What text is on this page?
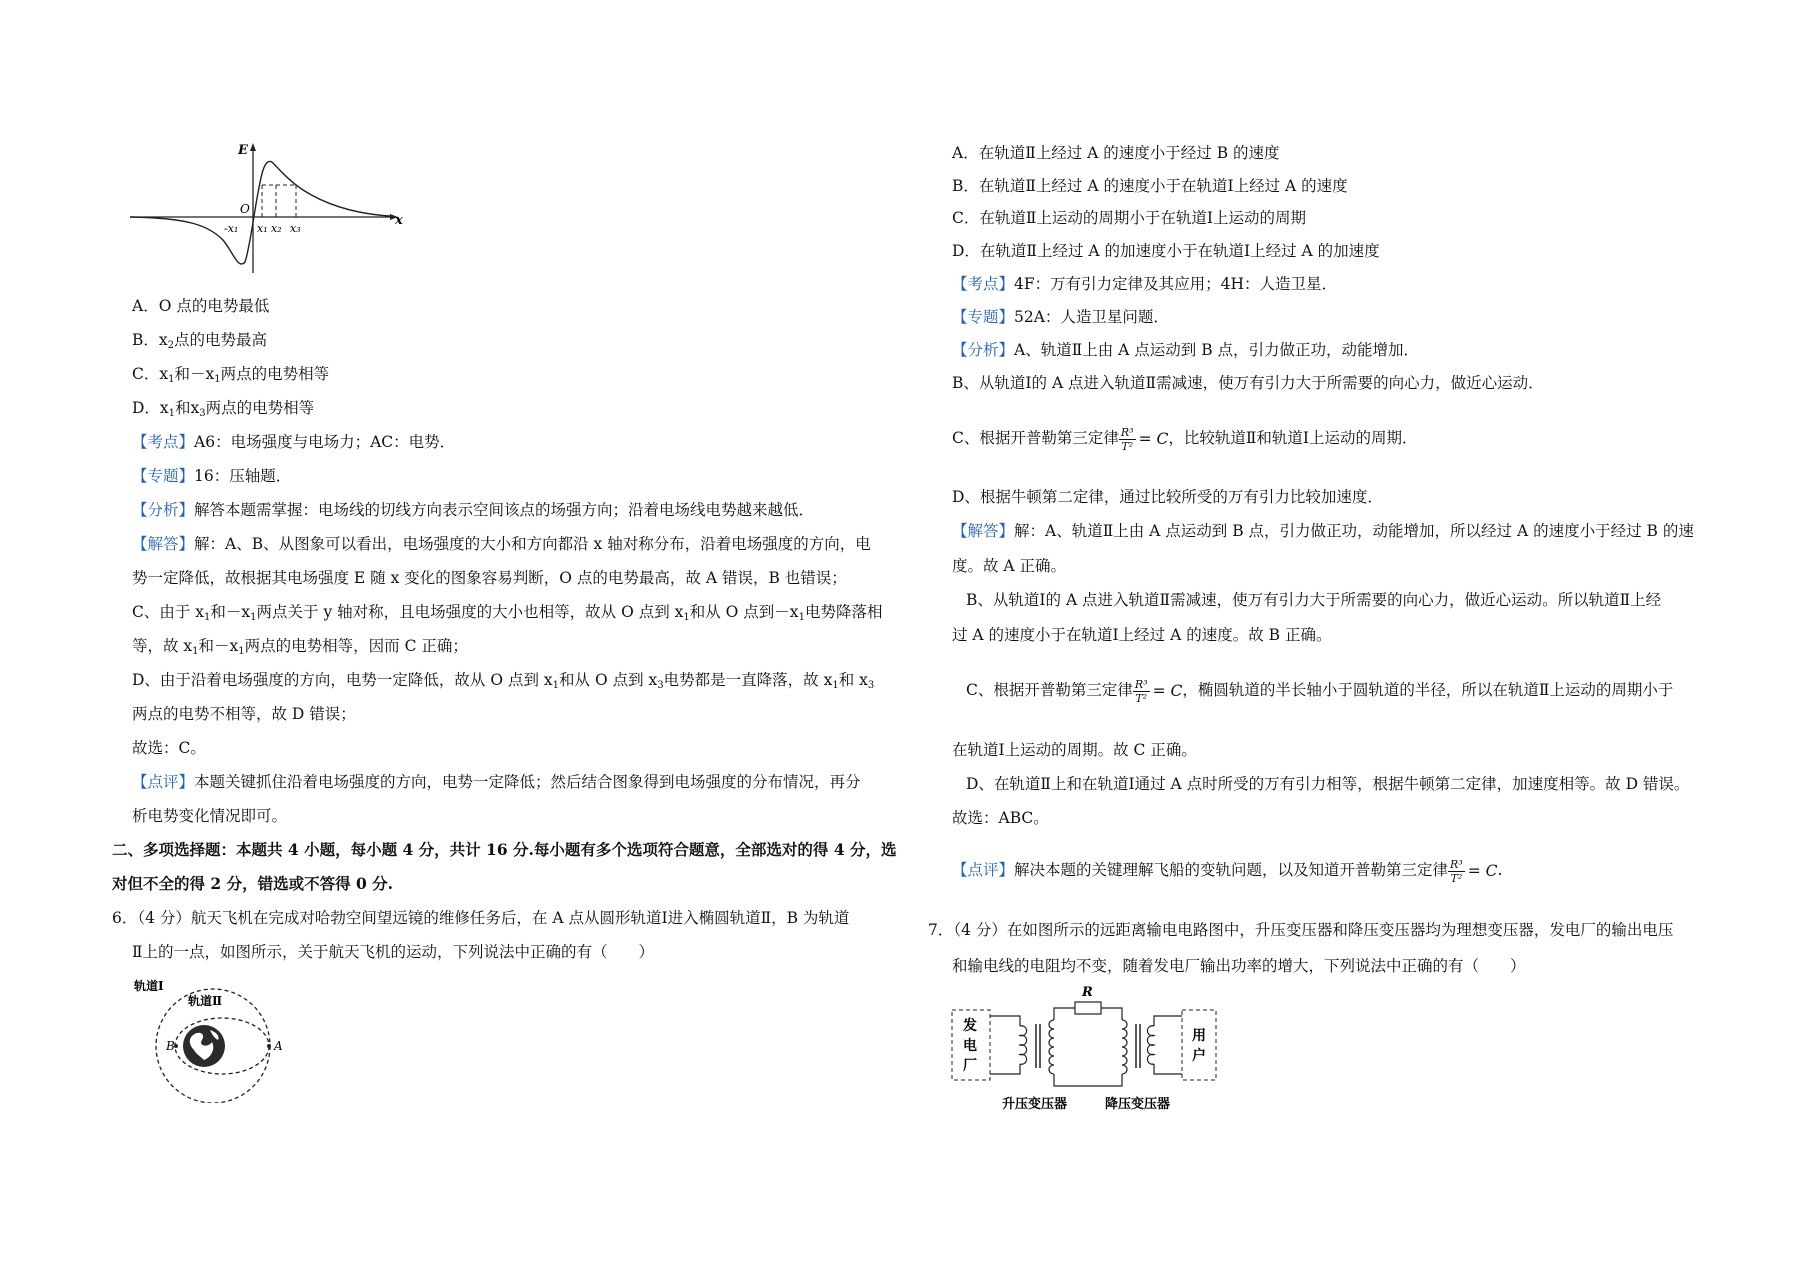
E
x
O
-x₁ x₁ x₂ x₃
A．O 点的电势最低
B．$x_2$点的电势最高
C．$x_1$和$-x_1$两点的电势相等
D．$x_1$和$x_3$两点的电势相等
【考点】A6：电场强度与电场力；AC：电势．
【专题】16：压轴题．
【分析】解答本题需掌握：电场线的切线方向表示空间该点的场强方向；沿着电场线电势越来越低．
【解答】解：A、B、从图象可以看出，电场强度的大小和方向都沿 x 轴对称分布，沿着电场强度的方向，电
势一定降低，故根据其电场强度 E 随 x 变化的图象容易判断，O 点的电势最高，故 A 错误，B 也错误；
C、由于 $x_1$和$-x_1$两点关于 y 轴对称，且电场强度的大小也相等，故从 O 点到 $x_1$和从 O 点到$-x_1$电势降落相
等，故 $x_1$和$-x_1$两点的电势相等，因而 C 正确；
D、由于沿着电场强度的方向，电势一定降低，故从 O 点到 $x_1$和从 O 点到 $x_3$电势都是一直降落，故 $x_1$和 $x_3$
两点的电势不相等，故 D 错误；
故选：C。
【点评】本题关键抓住沿着电场强度的方向，电势一定降低；然后结合图象得到电场强度的分布情况，再分
析电势变化情况即可。
二、多项选择题：本题共 4 小题，每小题 4 分，共计 16 分.每小题有多个选项符合题意，全部选对的得 4 分，选
对但不全的得 2 分，错选或不答得 0 分.
6．（4 分）航天飞机在完成对哈勃空间望远镜的维修任务后，在 A 点从圆形轨道Ⅰ进入椭圆轨道Ⅱ，B 为轨道
Ⅱ上的一点，如图所示，关于航天飞机的运动，下列说法中正确的有（　　）
轨道Ⅰ
轨道Ⅱ
A
B
A．在轨道Ⅱ上经过 A 的速度小于经过 B 的速度
B．在轨道Ⅱ上经过 A 的速度小于在轨道Ⅰ上经过 A 的速度
C．在轨道Ⅱ上运动的周期小于在轨道Ⅰ上运动的周期
D．在轨道Ⅱ上经过 A 的加速度小于在轨道Ⅰ上经过 A 的加速度
【考点】4F：万有引力定律及其应用；4H：人造卫星．
【专题】52A：人造卫星问题．
【分析】A、轨道Ⅱ上由 A 点运动到 B 点，引力做正功，动能增加．
B、从轨道Ⅰ的 A 点进入轨道Ⅱ需减速，使万有引力大于所需要的向心力，做近心运动．
C、根据开普勒第三定律 $\frac{\text{R³}}{\text{T²}} = C$，比较轨道Ⅱ和轨道Ⅰ上运动的周期．
D、根据牛顿第二定律，通过比较所受的万有引力比较加速度．
【解答】解：A、轨道Ⅱ上由 A 点运动到 B 点，引力做正功，动能增加，所以经过 A 的速度小于经过 B 的速
度。故 A 正确。
B、从轨道Ⅰ的 A 点进入轨道Ⅱ需减速，使万有引力大于所需要的向心力，做近心运动。所以轨道Ⅱ上经
过 A 的速度小于在轨道Ⅰ上经过 A 的速度。故 B 正确。
C、根据开普勒第三定律 $\frac{\text{R³}}{\text{T²}} = C$，椭圆轨道的半长轴小于圆轨道的半径，所以在轨道Ⅱ上运动的周期小于
在轨道Ⅰ上运动的周期。故 C 正确。
D、在轨道Ⅱ上和在轨道Ⅰ通过 A 点时所受的万有引力相等，根据牛顿第二定律，加速度相等。故 D 错误。
故选：ABC。
【点评】解决本题的关键理解飞船的变轨问题，以及知道开普勒第三定律 $\frac{\text{R³}}{\text{T²}} = C$.
7．（4 分）在如图所示的远距离输电电路图中，升压变压器和降压变压器均为理想变压器，发电厂的输出电压
和输电线的电阻均不变，随着发电厂输出功率的增大，下列说法中正确的有（　　）
发
电
厂
R
用
户
升压变压器	降压变压器
